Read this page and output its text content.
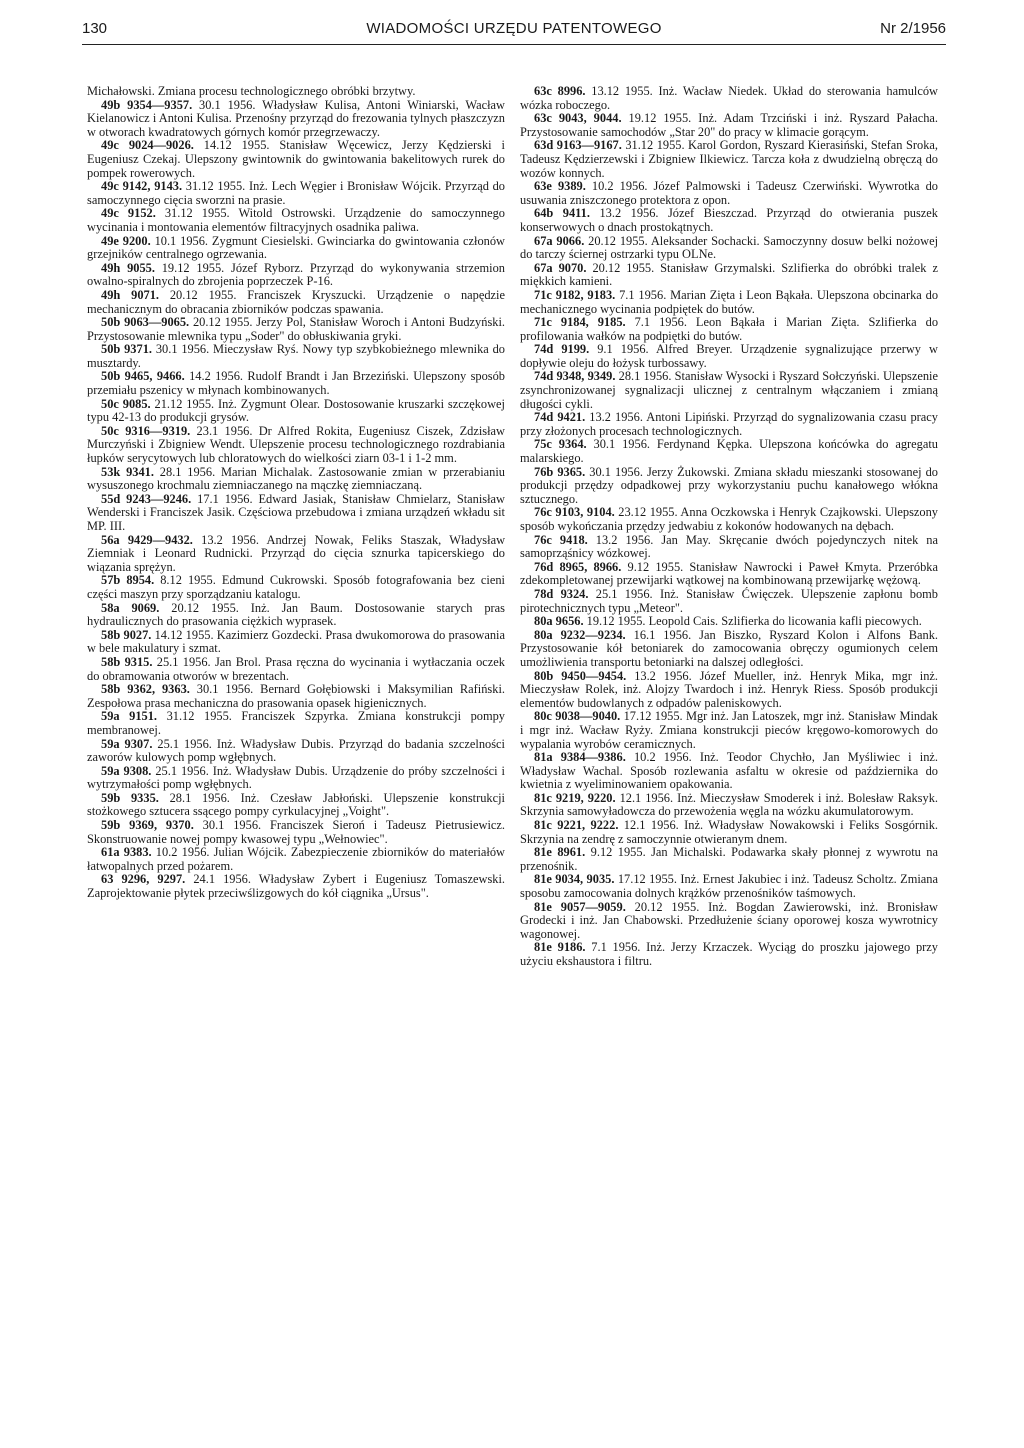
130	WIADOMOŚCI URZĘDU PATENTOWEGO	Nr 2/1956

Michałowski. Zmiana procesu technologicznego obróbki brzytwy.

49b 9354—9357. 30.1 1956. Władysław Kulisa, Antoni Winiarski, Wacław Kielanowicz i Antoni Kulisa. Przenośny przyrząd do frezowania tylnych płaszczyzn w otworach kwadratowych górnych komór przegrzewaczy.

49c 9024—9026. 14.12 1955. Stanisław Węcewicz, Jerzy Kędzierski i Eugeniusz Czekaj. Ulepszony gwintownik do gwintowania bakelitowych rurek do pompek rowerowych.

49c 9142, 9143. 31.12 1955. Inż. Lech Węgier i Bronisław Wójcik. Przyrząd do samoczynnego cięcia sworzni na prasie.

49c 9152. 31.12 1955. Witold Ostrowski. Urządzenie do samoczynnego wycinania i montowania elementów filtracyjnych osadnika paliwa.

49e 9200. 10.1 1956. Zygmunt Ciesielski. Gwinciarka do gwintowania członów grzejników centralnego ogrzewania.

49h 9055. 19.12 1955. Józef Ryborz. Przyrząd do wykonywania strzemion owalno-spiralnych do zbrojenia poprzeczek P-16.

49h 9071. 20.12 1955. Franciszek Kryszucki. Urządzenie o napędzie mechanicznym do obracania zbiorników podczas spawania.

50b 9063—9065. 20.12 1955. Jerzy Pol, Stanisław Woroch i Antoni Budzyński. Przystosowanie mlewnika typu „Soder" do obłuskiwania gryki.

50b 9371. 30.1 1956. Mieczysław Ryś. Nowy typ szybkobieżnego mlewnika do musztardy.

50b 9465, 9466. 14.2 1956. Rudolf Brandt i Jan Brzeziński. Ulepszony sposób przemiału pszenicy w młynach kombinowanych.

50c 9085. 21.12 1955. Inż. Zygmunt Olear. Dostosowanie kruszarki szczękowej typu 42-13 do produkcji grysów.

50c 9316—9319. 23.1 1956. Dr Alfred Rokita, Eugeniusz Ciszek, Zdzisław Murczyński i Zbigniew Wendt. Ulepszenie procesu technologicznego rozdrabiania łupków serycytowych lub chloratowych do wielkości ziarn 03-1 i 1-2 mm.

53k 9341. 28.1 1956. Marian Michalak. Zastosowanie zmian w przerabianiu wysuszonego krochmalu ziemniaczanego na mączkę ziemniaczaną.

55d 9243—9246. 17.1 1956. Edward Jasiak, Stanisław Chmielarz, Stanisław Wenderski i Franciszek Jasik. Częściowa przebudowa i zmiana urządzeń wkładu sit MP. III.

56a 9429—9432. 13.2 1956. Andrzej Nowak, Feliks Staszak, Władysław Ziemniak i Leonard Rudnicki. Przyrząd do cięcia sznurka tapicerskiego do wiązania sprężyn.

57b 8954. 8.12 1955. Edmund Cukrowski. Sposób fotografowania bez cieni części maszyn przy sporządzaniu katalogu.

58a 9069. 20.12 1955. Inż. Jan Baum. Dostosowanie starych pras hydraulicznych do prasowania ciężkich wyprasek.

58b 9027. 14.12 1955. Kazimierz Gozdecki. Prasa dwukomorowa do prasowania w bele makulatury i szmat.

58b 9315. 25.1 1956. Jan Brol. Prasa ręczna do wycinania i wytłaczania oczek do obramowania otworów w brezentach.

58b 9362, 9363. 30.1 1956. Bernard Gołębiowski i Maksymilian Rafiński. Zespołowa prasa mechaniczna do prasowania opasek higienicznych.

59a 9151. 31.12 1955. Franciszek Szpyrka. Zmiana konstrukcji pompy membranowej.

59a 9307. 25.1 1956. Inż. Władysław Dubis. Przyrząd do badania szczelności zaworów kulowych pomp wgłębnych.

59a 9308. 25.1 1956. Inż. Władysław Dubis. Urządzenie do próby szczelności i wytrzymałości pomp wgłębnych.

59b 9335. 28.1 1956. Inż. Czesław Jabłoński. Ulepszenie konstrukcji stożkowego sztucera ssącego pompy cyrkulacyjnej „Voight".

59b 9369, 9370. 30.1 1956. Franciszek Sieroń i Tadeusz Pietrusiewicz. Skonstruowanie nowej pompy kwasowej typu „Wełnowiec".

61a 9383. 10.2 1956. Julian Wójcik. Zabezpieczenie zbiorników do materiałów łatwopalnych przed pożarem.

63 9296, 9297. 24.1 1956. Władysław Zybert i Eugeniusz Tomaszewski. Zaprojektowanie płytek przeciwślizgowych do kół ciągnika „Ursus".

63c 8996. 13.12 1955. Inż. Wacław Niedek. Układ do sterowania hamulców wózka roboczego.

63c 9043, 9044. 19.12 1955. Inż. Adam Trzciński i inż. Ryszard Pałacha. Przystosowanie samochodów „Star 20" do pracy w klimacie gorącym.

63d 9163—9167. 31.12 1955. Karol Gordon, Ryszard Kierasiński, Stefan Sroka, Tadeusz Kędzierzewski i Zbigniew Ilkiewicz. Tarcza koła z dwudzielną obręczą do wozów konnych.

63e 9389. 10.2 1956. Józef Palmowski i Tadeusz Czerwiński. Wywrotka do usuwania zniszczonego protektora z opon.

64b 9411. 13.2 1956. Józef Bieszczad. Przyrząd do otwierania puszek konserwowych o dnach prostokątnych.

67a 9066. 20.12 1955. Aleksander Sochacki. Samoczynny dosuw belki nożowej do tarczy ściernej ostrzarki typu OLNe.

67a 9070. 20.12 1955. Stanisław Grzymalski. Szlifierka do obróbki tralek z miękkich kamieni.

71c 9182, 9183. 7.1 1956. Marian Zięta i Leon Bąkała. Ulepszona obcinarka do mechanicznego wycinania podpiętek do butów.

71c 9184, 9185. 7.1 1956. Leon Bąkała i Marian Zięta. Szlifierka do profilowania wałków na podpiętki do butów.

74d 9199. 9.1 1956. Alfred Breyer. Urządzenie sygnalizujące przerwy w dopływie oleju do łożysk turbossawy.

74d 9348, 9349. 28.1 1956. Stanisław Wysocki i Ryszard Sołczyński. Ulepszenie zsynchronizowanej sygnalizacji ulicznej z centralnym włączaniem i zmianą długości cykli.

74d 9421. 13.2 1956. Antoni Lipiński. Przyrząd do sygnalizowania czasu pracy przy złożonych procesach technologicznych.

75c 9364. 30.1 1956. Ferdynand Kępka. Ulepszona końcówka do agregatu malarskiego.

76b 9365. 30.1 1956. Jerzy Żukowski. Zmiana składu mieszanki stosowanej do produkcji przędzy odpadkowej przy wykorzystaniu puchu kanałowego włókna sztucznego.

76c 9103, 9104. 23.12 1955. Anna Oczkowska i Henryk Czajkowski. Ulepszony sposób wykończania przędzy jedwabiu z kokonów hodowanych na dębach.

76c 9418. 13.2 1956. Jan May. Skręcanie dwóch pojedynczych nitek na samoprząśnicy wózkowej.

76d 8965, 8966. 9.12 1955. Stanisław Nawrocki i Paweł Kmyta. Przeróbka zdekompletowanej przewijarki wątkowej na kombinowaną przewijarkę wężową.

78d 9324. 25.1 1956. Inż. Stanisław Ćwięczek. Ulepszenie zapłonu bomb pirotechnicznych typu „Meteor".

80a 9656. 19.12 1955. Leopold Cais. Szlifierka do licowania kafli piecowych.

80a 9232—9234. 16.1 1956. Jan Biszko, Ryszard Kolon i Alfons Bank. Przystosowanie kół betoniarek do zamocowania obręczy ogumionych celem umożliwienia transportu betoniarki na dalszej odległości.

80b 9450—9454. 13.2 1956. Józef Mueller, inż. Henryk Mika, mgr inż. Mieczysław Rolek, inż. Alojzy Twardoch i inż. Henryk Riess. Sposób produkcji elementów budowlanych z odpadów paleniskowych.

80c 9038—9040. 17.12 1955. Mgr inż. Jan Latoszek, mgr inż. Stanisław Mindak i mgr inż. Wacław Ryży. Zmiana konstrukcji pieców kręgowo-komorowych do wypalania wyrobów ceramicznych.

81a 9384—9386. 10.2 1956. Inż. Teodor Chychło, Jan Myśliwiec i inż. Władysław Wachal. Sposób rozlewania asfaltu w okresie od października do kwietnia z wyeliminowaniem opakowania.

81c 9219, 9220. 12.1 1956. Inż. Mieczysław Smoderek i inż. Bolesław Raksyk. Skrzynia samowyładowcza do przewożenia węgla na wózku akumulatorowym.

81c 9221, 9222. 12.1 1956. Inż. Władysław Nowakowski i Feliks Sosgórnik. Skrzynia na zendrę z samoczynnie otwieranym dnem.

81e 8961. 9.12 1955. Jan Michalski. Podawarka skały płonnej z wywrotu na przenośnik.

81e 9034, 9035. 17.12 1955. Inż. Ernest Jakubiec i inż. Tadeusz Scholtz. Zmiana sposobu zamocowania dolnych krążków przenośników taśmowych.

81e 9057—9059. 20.12 1955. Inż. Bogdan Zawierowski, inż. Bronisław Grodecki i inż. Jan Chabowski. Przedłużenie ściany oporowej kosza wywrotnicy wagonowej.

81e 9186. 7.1 1956. Inż. Jerzy Krzaczek. Wyciąg do proszku jajowego przy użyciu ekshaustora i filtru.
